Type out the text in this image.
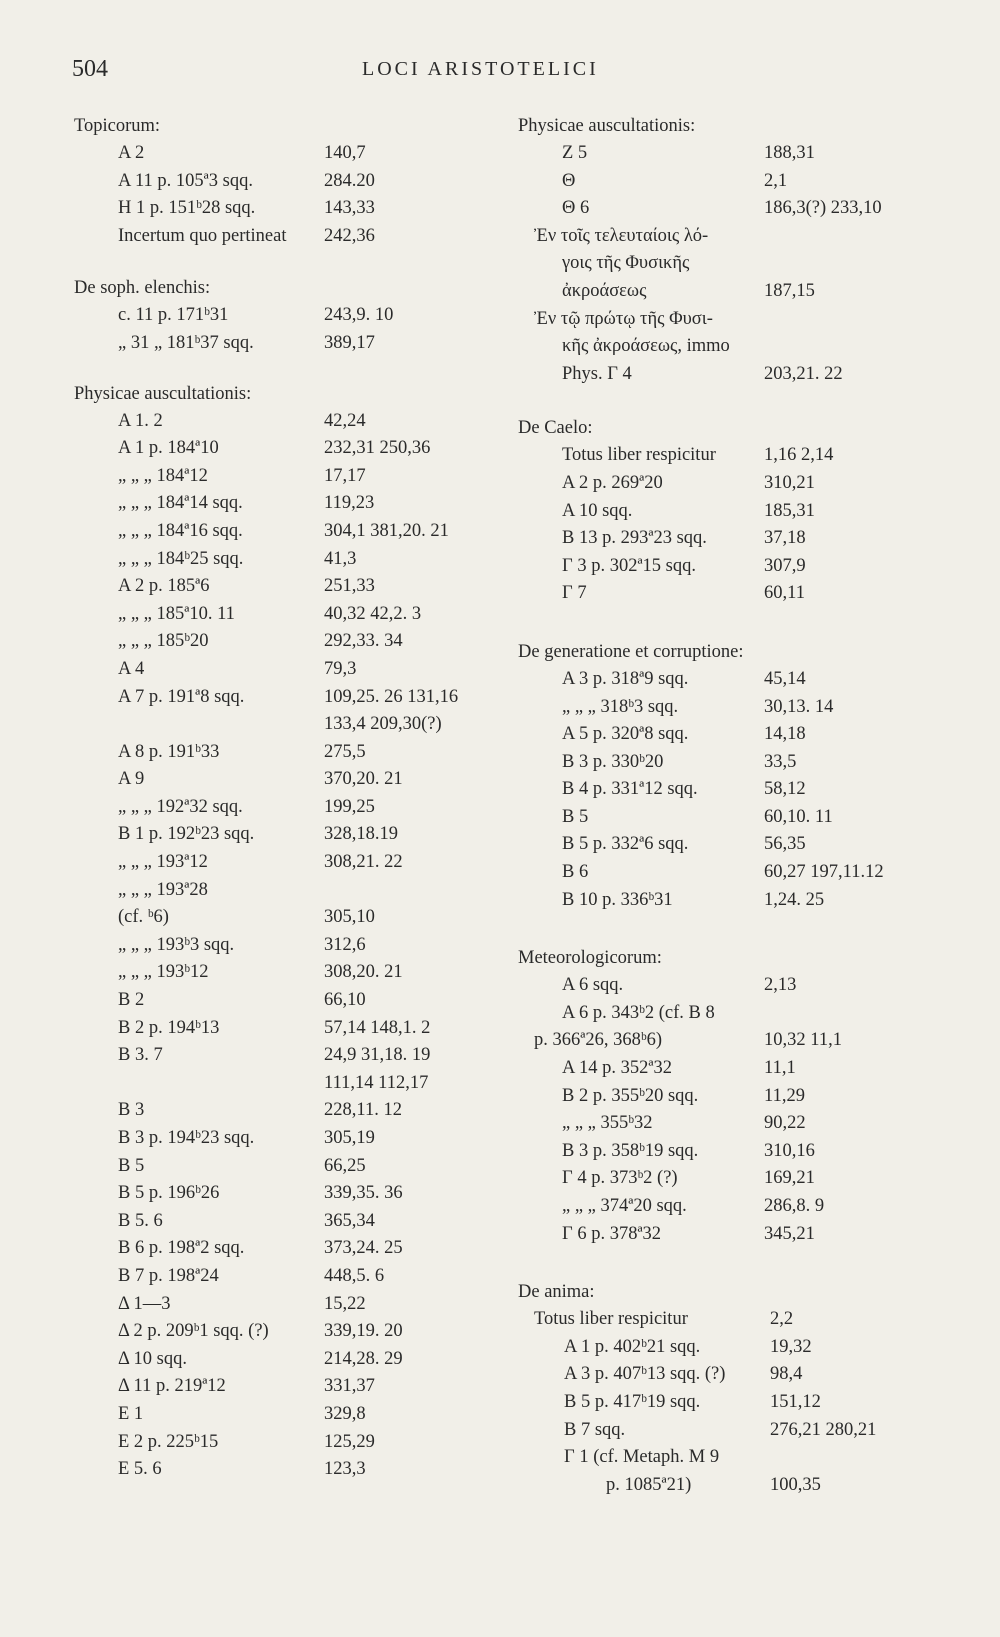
504	LOCI ARISTOTELICI
Topicorum:
A 2	140,7
A 11 p. 105ª3 sqq.	284.20
H 1 p. 151ᵇ28 sqq.	143,33
Incertum quo pertineat 242,36
De soph. elenchis:
c. 11 p. 171ᵇ31	243,9. 10
„ 31 „ 181ᵇ37 sqq.	389,17
Physicae auscultationis:
A 1. 2	42,24
A 1 p. 184ª10	232,31 250,36
„ „ „ 184ª12	17,17
„ „ „ 184ª14 sqq.	119,23
„ „ „ 184ª16 sqq.	304,1 381,20. 21
„ „ „ 184ᵇ25 sqq.	41,3
A 2 p. 185ª6	251,33
„ „ „ 185ª10. 11	40,32 42,2. 3
„ „ „ 185ᵇ20	292,33. 34
A 4	79,3
A 7 p. 191ª8 sqq.	109,25. 26 131,16
133,4 209,30(?)
A 8 p. 191ᵇ33	275,5
A 9	370,20. 21
„ „ „ 192ª32 sqq.	199,25
B 1 p. 192ᵇ23 sqq.	328,18.19
„ „ „ 193ª12	308,21. 22
„ „ „ 193ª28
(cf. ᵇ6)	305,10
„ „ „ 193ᵇ3 sqq.	312,6
„ „ „ 193ᵇ12	308,20. 21
B 2	66,10
B 2 p. 194ᵇ13	57,14 148,1. 2
B 3. 7	24,9 31,18. 19
111,14 112,17
B 3	228,11. 12
B 3 p. 194ᵇ23 sqq.	305,19
B 5	66,25
B 5 p. 196ᵇ26	339,35. 36
B 5. 6	365,34
B 6 p. 198ª2 sqq.	373,24. 25
B 7 p. 198ª24	448,5. 6
Δ 1—3	15,22
Δ 2 p. 209ᵇ1 sqq. (?)	339,19. 20
Δ 10 sqq.	214,28. 29
Δ 11 p. 219ª12	331,37
E 1	329,8
E 2 p. 225ᵇ15	125,29
E 5. 6	123,3
Physicae auscultationis:
Z 5	188,31
Θ	2,1
Θ 6	186,3(?) 233,10
Ἐν τοῖς τελευταίοις λό-
γοις τῆς Φυσικῆς
ἀκροάσεως	187,15
Ἐν τῷ πρώτῳ τῆς Φυσι-
κῆς ἀκροάσεως, immo
Phys. Γ 4	203,21. 22
De Caelo:
Totus liber respicitur	1,16 2,14
A 2 p. 269ª20	310,21
A 10 sqq.	185,31
B 13 p. 293ª23 sqq.	37,18
Γ 3 p. 302ª15 sqq.	307,9
Γ 7	60,11
De generatione et corruptione:
A 3 p. 318ª9 sqq.	45,14
„ „ „ 318ᵇ3 sqq.	30,13. 14
A 5 p. 320ª8 sqq.	14,18
B 3 p. 330ᵇ20	33,5
B 4 p. 331ª12 sqq.	58,12
B 5	60,10. 11
B 5 p. 332ª6 sqq.	56,35
B 6	60,27 197,11.12
B 10 p. 336ᵇ31	1,24. 25
Meteorologicorum:
A 6 sqq.	2,13
A 6 p. 343ᵇ2 (cf. B 8
p. 366ª26, 368ᵇ6)	10,32 11,1
A 14 p. 352ª32	11,1
B 2 p. 355ᵇ20 sqq.	11,29
„ „ „ 355ᵇ32	90,22
B 3 p. 358ᵇ19 sqq.	310,16
Γ 4 p. 373ᵇ2 (?)	169,21
„ „ „ 374ª20 sqq.	286,8. 9
Γ 6 p. 378ª32	345,21
De anima:
Totus liber respicitur	2,2
A 1 p. 402ᵇ21 sqq.	19,32
A 3 p. 407ᵇ13 sqq. (?) 98,4
B 5 p. 417ᵇ19 sqq.	151,12
B 7 sqq.	276,21 280,21
Γ 1 (cf. Metaph. M 9
p. 1085ª21)	100,35
